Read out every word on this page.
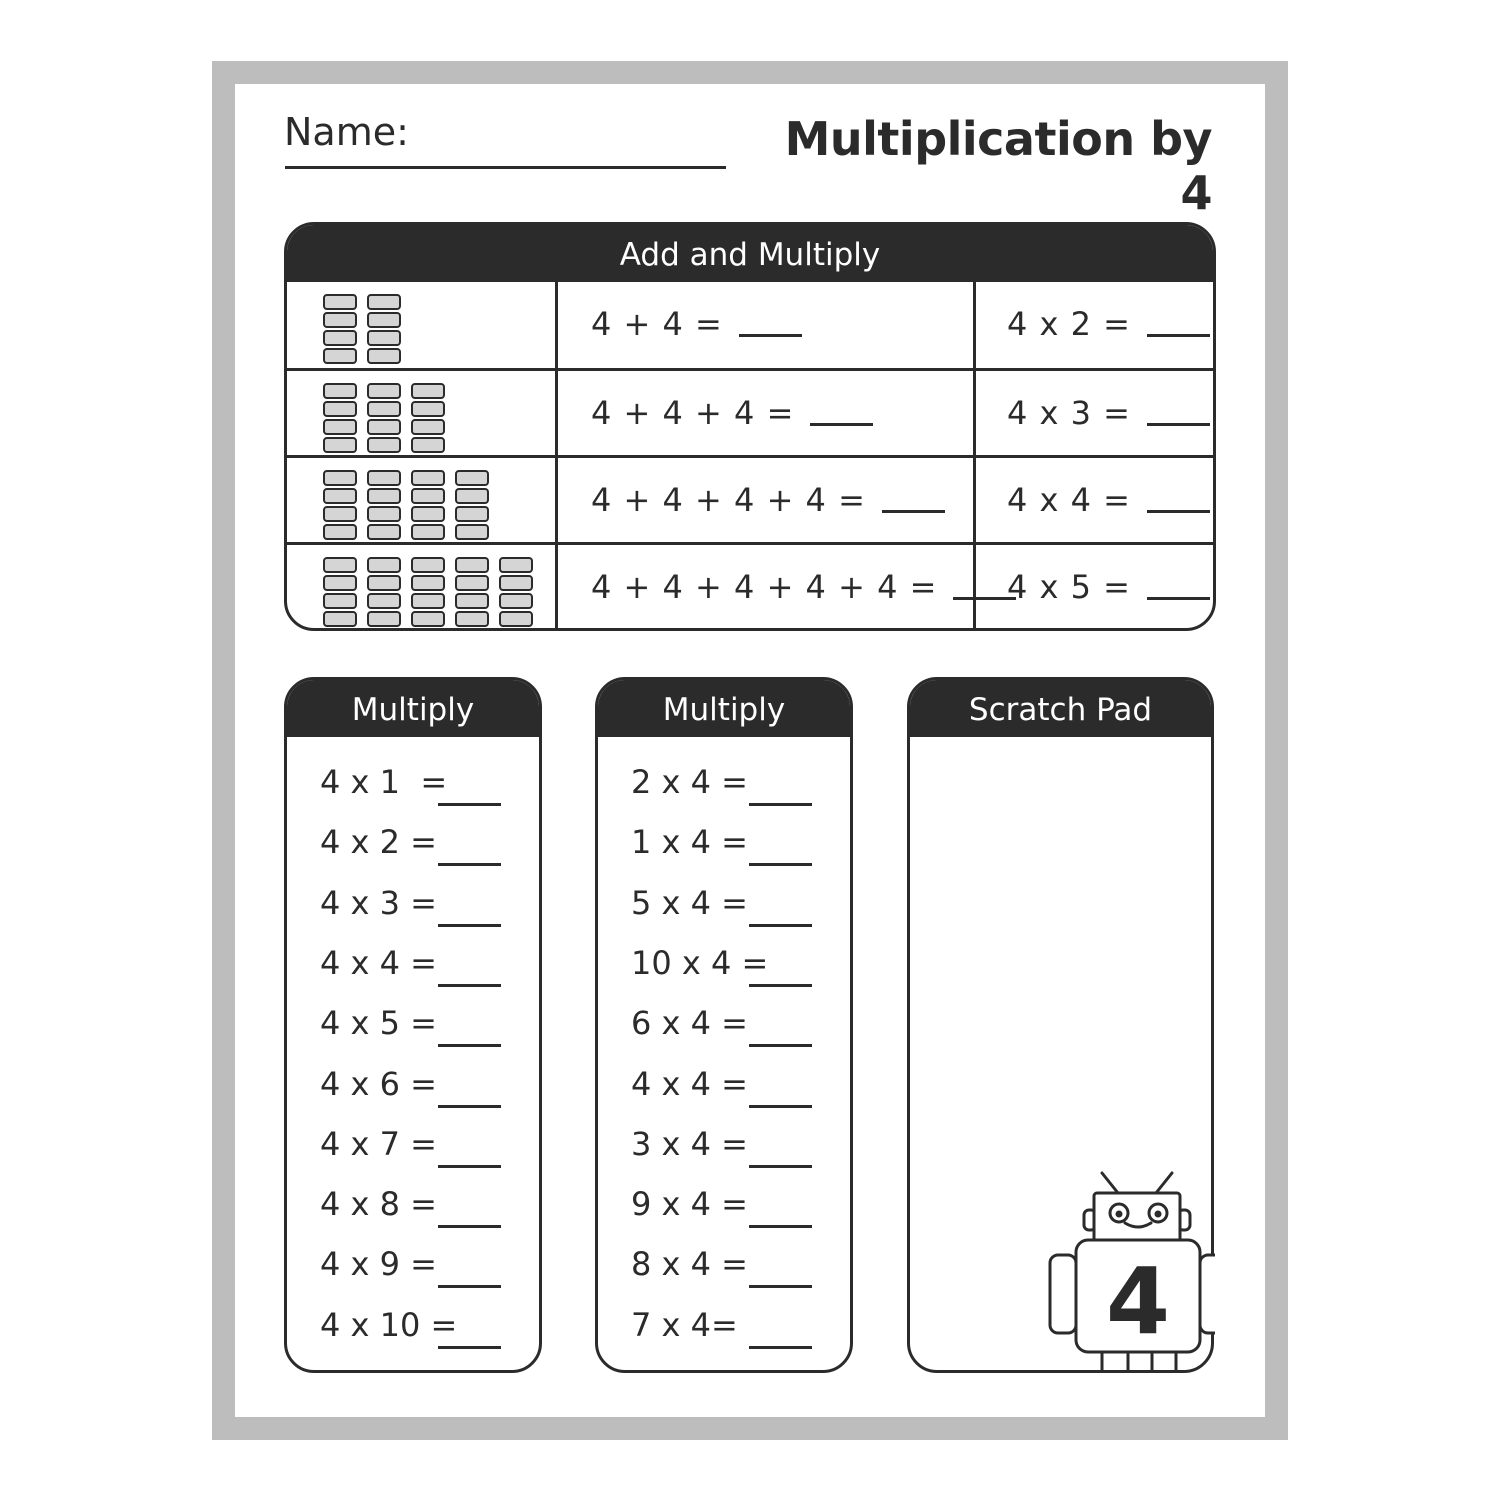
Name:	Multiplication by 4
Add and Multiply
4 + 4 =	4 x 2 =
4 + 4 + 4 =	4 x 3 =
4 + 4 + 4 + 4 =	4 x 4 =
4 + 4 + 4 + 4 + 4 = 4 x 5 =
Multiply
4 x 1  =
4 x 2 =
4 x 3 =
4 x 4 =
4 x 5 =
4 x 6 =
4 x 7 =
4 x 8 =
4 x 9 =
4 x 10 =
Multiply
2 x 4 =
1 x 4 =
5 x 4 =
10 x 4 =
6 x 4 =
4 x 4 =
3 x 4 =
9 x 4 =
8 x 4 =
7 x 4=
Scratch Pad
4
